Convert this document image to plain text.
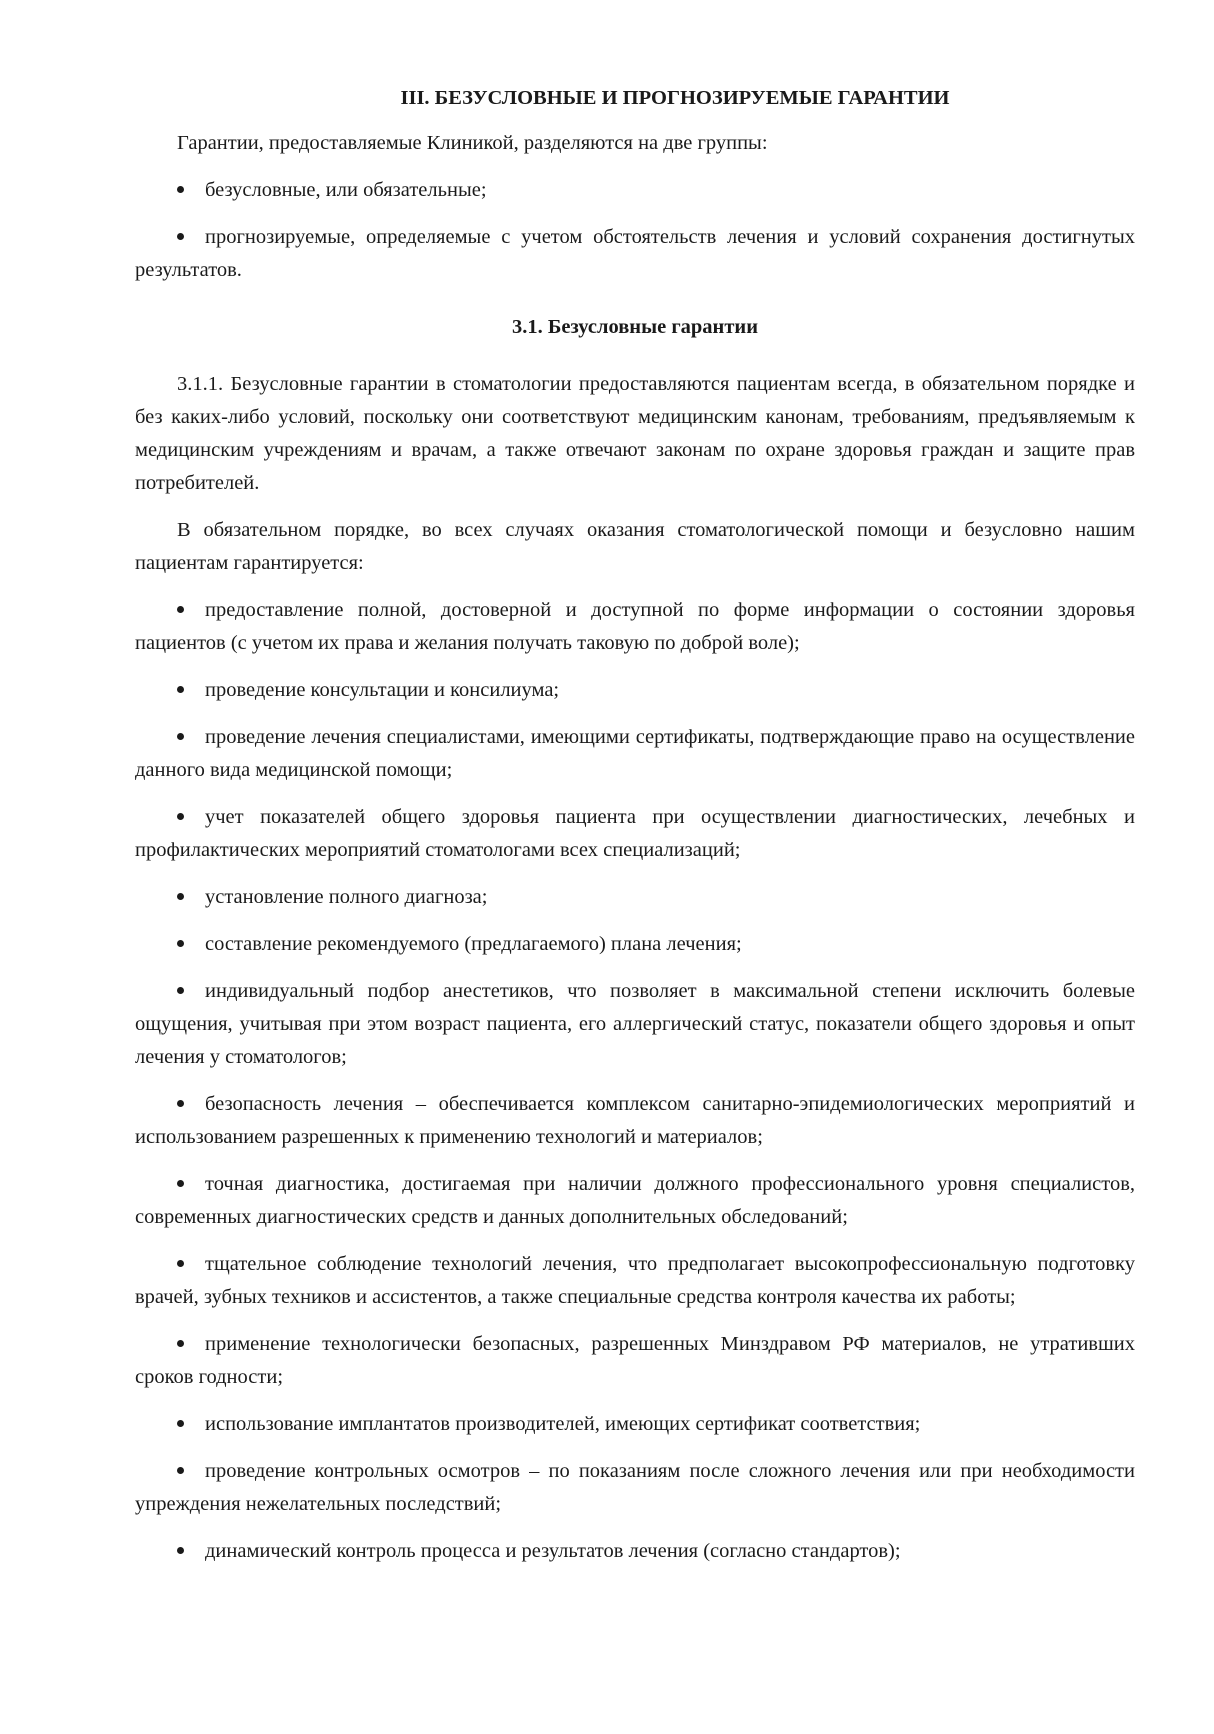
III. БЕЗУСЛОВНЫЕ И ПРОГНОЗИРУЕМЫЕ ГАРАНТИИ

Гарантии, предоставляемые Клиникой, разделяются на две группы:

безусловные, или обязательные;

прогнозируемые, определяемые с учетом обстоятельств лечения и условий сохранения достигнутых результатов.

3.1. Безусловные гарантии

3.1.1. Безусловные гарантии в стоматологии предоставляются пациентам всегда, в обязательном порядке и без каких-либо условий, поскольку они соответствуют медицинским канонам, требованиям, предъявляемым к медицинским учреждениям и врачам, а также отвечают законам по охране здоровья граждан и защите прав потребителей.

В обязательном порядке, во всех случаях оказания стоматологической помощи и безусловно нашим пациентам гарантируется:

предоставление полной, достоверной и доступной по форме информации о состоянии здоровья пациентов (с учетом их права и желания получать таковую по доброй воле);

проведение консультации и консилиума;

проведение лечения специалистами, имеющими сертификаты, подтверждающие право на осуществление данного вида медицинской помощи;

учет показателей общего здоровья пациента при осуществлении диагностических, лечебных и профилактических мероприятий стоматологами всех специализаций;

установление полного диагноза;

составление рекомендуемого (предлагаемого) плана лечения;

индивидуальный подбор анестетиков, что позволяет в максимальной степени исключить болевые ощущения, учитывая при этом возраст пациента, его аллергический статус, показатели общего здоровья и опыт лечения у стоматологов;

безопасность лечения – обеспечивается комплексом санитарно-эпидемиологических мероприятий и использованием разрешенных к применению технологий и материалов;

точная диагностика, достигаемая при наличии должного профессионального уровня специалистов, современных диагностических средств и данных дополнительных обследований;

тщательное соблюдение технологий лечения, что предполагает высокопрофессиональную подготовку врачей, зубных техников и ассистентов, а также специальные средства контроля качества их работы;

применение технологически безопасных, разрешенных Минздравом РФ материалов, не утративших сроков годности;

использование имплантатов производителей, имеющих сертификат соответствия;

проведение контрольных осмотров – по показаниям после сложного лечения или при необходимости упреждения нежелательных последствий;

динамический контроль процесса и результатов лечения (согласно стандартов);
